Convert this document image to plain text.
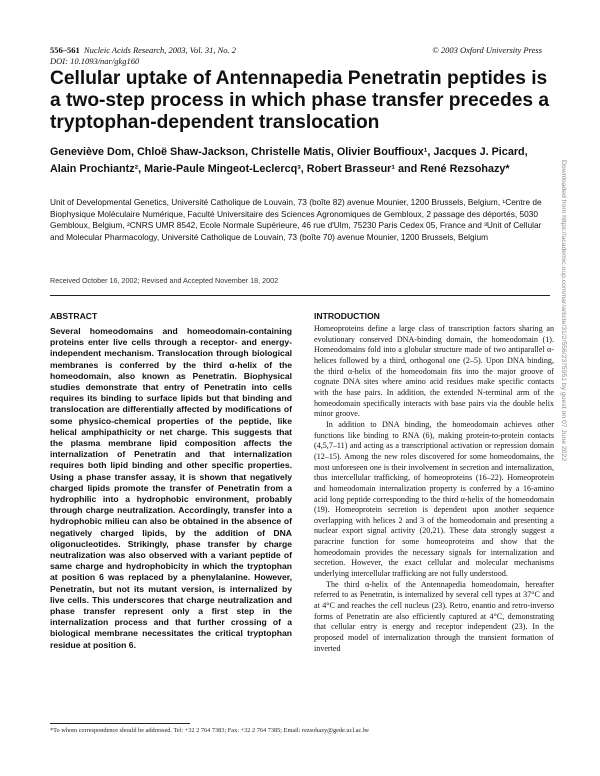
556–561 Nucleic Acids Research, 2003, Vol. 31, No. 2
DOI: 10.1093/nar/gkg160
© 2003 Oxford University Press
Cellular uptake of Antennapedia Penetratin peptides is a two-step process in which phase transfer precedes a tryptophan-dependent translocation
Geneviève Dom, Chloë Shaw-Jackson, Christelle Matis, Olivier Bouffioux¹, Jacques J. Picard, Alain Prochiantz², Marie-Paule Mingeot-Leclercq³, Robert Brasseur¹ and René Rezsohazy*
Unit of Developmental Genetics, Université Catholique de Louvain, 73 (boîte 82) avenue Mounier, 1200 Brussels, Belgium, ¹Centre de Biophysique Moléculaire Numérique, Faculté Universitaire des Sciences Agronomiques de Gembloux, 2 passage des déportés, 5030 Gembloux, Belgium, ²CNRS UMR 8542, Ecole Normale Supérieure, 46 rue d'Ulm, 75230 Paris Cedex 05, France and ³Unit of Cellular and Molecular Pharmacology, Université Catholique de Louvain, 73 (boîte 70) avenue Mounier, 1200 Brussels, Belgium
Received October 16, 2002; Revised and Accepted November 18, 2002
ABSTRACT
Several homeodomains and homeodomain-containing proteins enter live cells through a receptor- and energy-independent mechanism. Translocation through biological membranes is conferred by the third α-helix of the homeodomain, also known as Penetratin. Biophysical studies demonstrate that entry of Penetratin into cells requires its binding to surface lipids but that binding and translocation are differentially affected by modifications of some physico-chemical properties of the peptide, like helical amphipathicity or net charge. This suggests that the plasma membrane lipid composition affects the internalization of Penetratin and that internalization requires both lipid binding and other specific properties. Using a phase transfer assay, it is shown that negatively charged lipids promote the transfer of Penetratin from a hydrophilic into a hydrophobic environment, probably through charge neutralization. Accordingly, transfer into a hydrophobic milieu can also be obtained in the absence of negatively charged lipids, by the addition of DNA oligonucleotides. Strikingly, phase transfer by charge neutralization was also observed with a variant peptide of same charge and hydrophobicity in which the tryptophan at position 6 was replaced by a phenylalanine. However, Penetratin, but not its mutant version, is internalized by live cells. This underscores that charge neutralization and phase transfer represent only a first step in the internalization process and that further crossing of a biological membrane necessitates the critical tryptophan residue at position 6.
INTRODUCTION

Homeoproteins define a large class of transcription factors sharing an evolutionary conserved DNA-binding domain, the homeodomain (1). Homeodomains fold into a globular structure made of two antiparallel α-helices followed by a third, orthogonal one (2–5). Upon DNA binding, the third α-helix of the homeodomain fits into the major groove of cognate DNA sites where amino acid residues make specific contacts with the base pairs. In addition, the extended N-terminal arm of the homeodomain specifically interacts with base pairs via the double helix minor groove.

In addition to DNA binding, the homeodomain achieves other functions like binding to RNA (6), making protein-to-protein contacts (4,5,7–11) and acting as a transcriptional activation or repression domain (12–15). Among the new roles discovered for some homeodomains, the most unforeseen one is their involvement in secretion and internalization, thus intercellular trafficking, of homeoproteins (16–22). Homeoprotein and homeodomain internalization property is conferred by a 16-amino acid long peptide corresponding to the third α-helix of the homeodomain (19). Homeoprotein secretion is dependent upon another sequence overlapping with helices 2 and 3 of the homeodomain and presenting a nuclear export signal activity (20,21). These data strongly suggest a paracrine function for some homeoproteins and show that the homeodomain provides the necessary signals for internalization and secretion. However, the exact cellular and molecular mechanisms underlying intercellular trafficking are not fully understood.

The third α-helix of the Antennapedia homeodomain, hereafter referred to as Penetratin, is internalized by several cell types at 37°C and at 4°C and reaches the cell nucleus (23). Retro, enantio and retro-inverso forms of Penetratin are also efficiently captured at 4°C, demonstrating that cellular entry is energy and receptor independent (23). In the proposed model of internalization through the transient formation of inverted

*To whom correspondence should be addressed. Tel: +32 2 764 7383; Fax: +32 2 764 7385; Email: rezsohazy@gede.ucl.ac.be
Downloaded from https://academic.oup.com/nar/article/31/2/556/2375951 by guest on 07 June 2022
